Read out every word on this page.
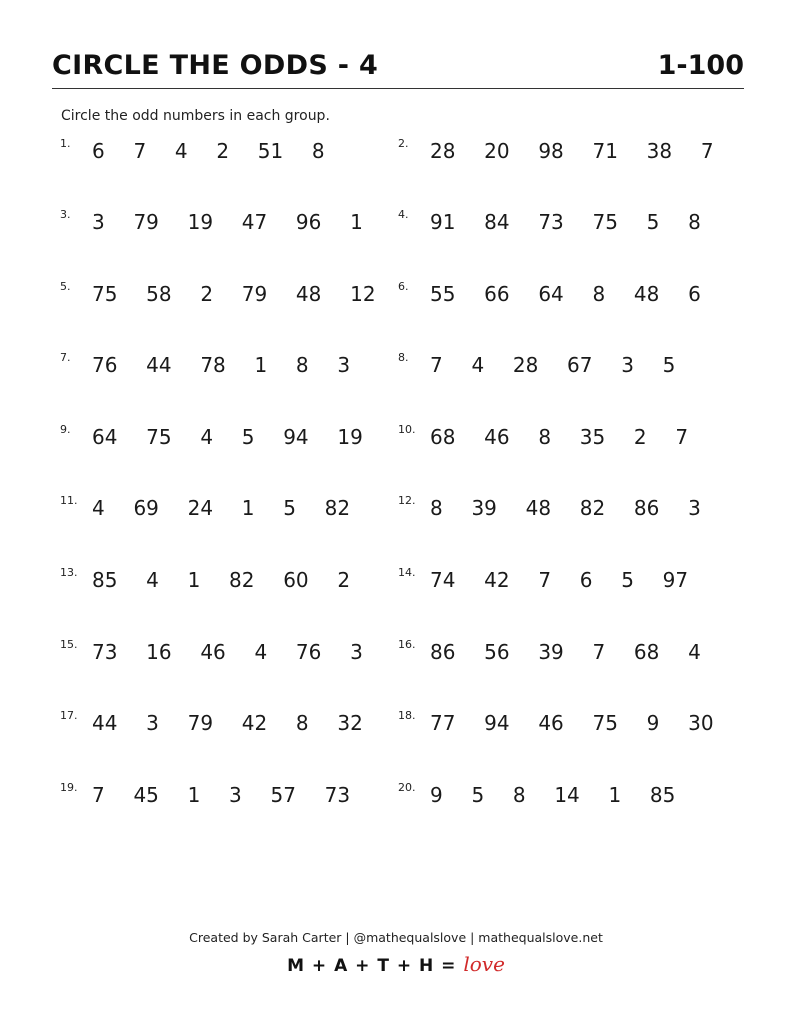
CIRCLE THE ODDS - 4	1-100
Circle the odd numbers in each group.
1. 6  7  4  2  51  8	2. 28  20  98  71  38  7
3. 3  79  19  47  96  1	4. 91  84  73  75  5  8
5. 75  58  2  79  48  12 6. 55  66  64  8  48  6
7. 76  44  78  1  8  3	8. 7  4  28  67  3  5
9. 64  75  4  5  94  19	10. 68  46  8  35  2  7
11. 4  69  24  1  5  82	12. 8  39  48  82  86  3
13. 85  4  1  82  60  2	14. 74  42  7  6  5  97
15. 73  16  46  4  76  3	16. 86  56  39  7  68  4
17. 44  3  79  42  8  32	18. 77  94  46  75  9  30
19. 7  45  1  3  57  73	20. 9  5  8  14  1  85
Created by Sarah Carter | @mathequalslove | mathequalslove.net
M + A + T + H = love
